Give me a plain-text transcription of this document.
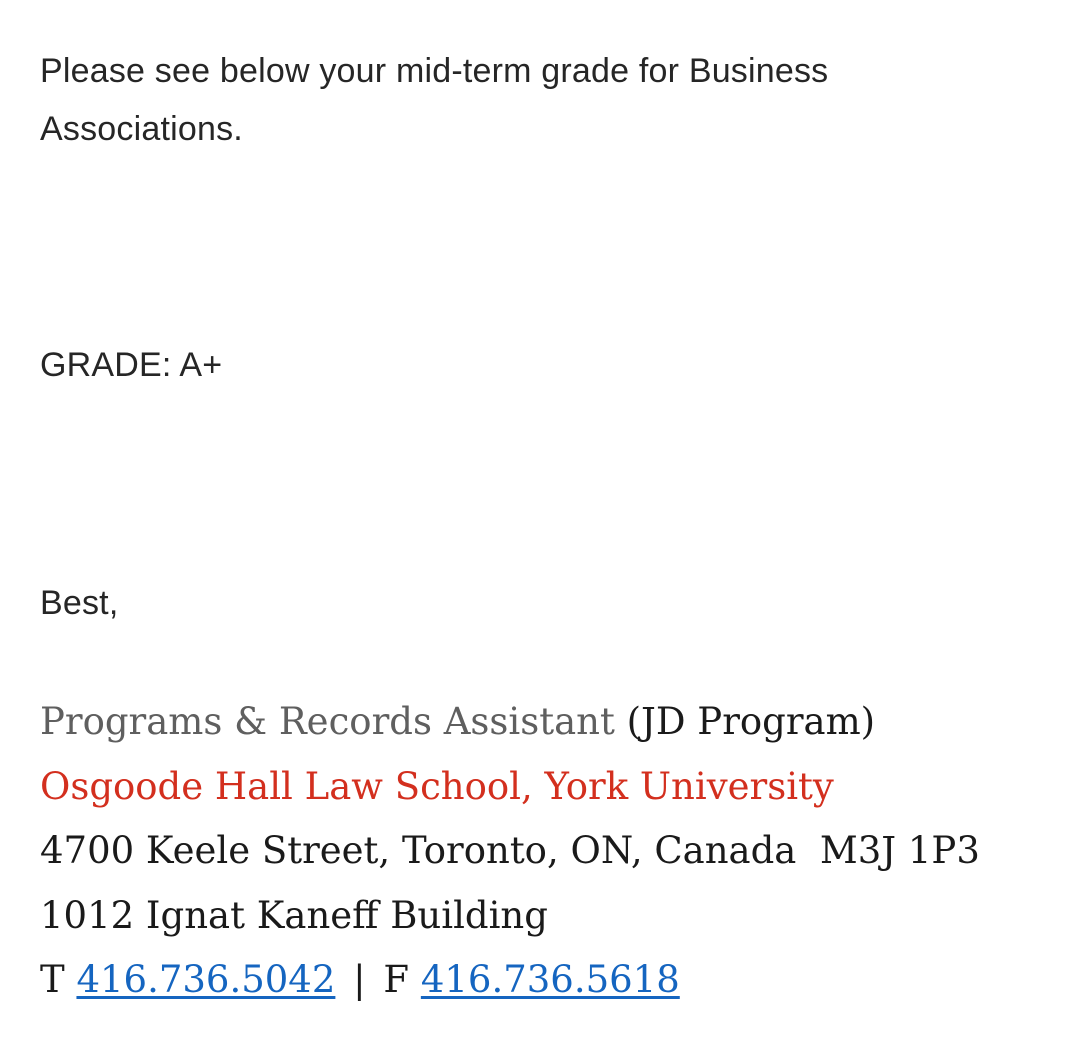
Please see below your mid-term grade for Business Associations.
GRADE: A+
Best,
Programs & Records Assistant (JD Program)
Osgoode Hall Law School, York University
4700 Keele Street, Toronto, ON, Canada  M3J 1P3
1012 Ignat Kaneff Building
T 416.736.5042 | F 416.736.5618
